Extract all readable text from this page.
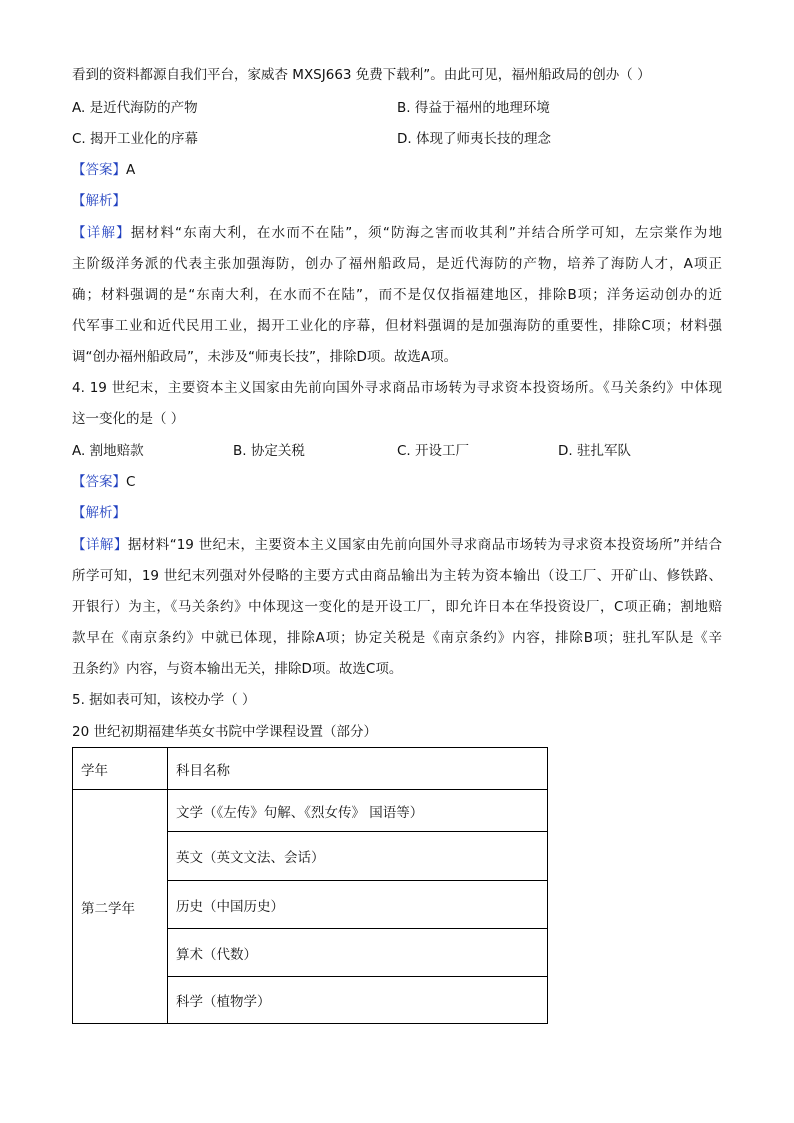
看到的资料都源自我们平台，家威杏 MXSJ663 免费下载利”。由此可见，福州船政局的创办（ ）
A. 是近代海防的产物	B. 得益于福州的地理环境
C. 揭开工业化的序幕	D. 体现了师夷长技的理念
【答案】A
【解析】
【详解】据材料“东南大利，在水而不在陆”，须“防海之害而收其利”并结合所学可知，左宗棠作为地
主阶级洋务派的代表主张加强海防，创办了福州船政局，是近代海防的产物，培养了海防人才，A项正
确；材料强调的是“东南大利，在水而不在陆”，而不是仅仅指福建地区，排除B项；洋务运动创办的近
代军事工业和近代民用工业，揭开工业化的序幕，但材料强调的是加强海防的重要性，排除C项；材料强
调“创办福州船政局”，未涉及“师夷长技”，排除D项。故选A项。
4. 19 世纪末，主要资本主义国家由先前向国外寻求商品市场转为寻求资本投资场所。《马关条约》中体现
这一变化的是（ ）
A. 割地赔款	B. 协定关税	C. 开设工厂	D. 驻扎军队
【答案】C
【解析】
【详解】据材料“19 世纪末，主要资本主义国家由先前向国外寻求商品市场转为寻求资本投资场所”并结合
所学可知，19 世纪末列强对外侵略的主要方式由商品输出为主转为资本输出（设工厂、开矿山、修铁路、
开银行）为主，《马关条约》中体现这一变化的是开设工厂，即允许日本在华投资设厂，C项正确；割地赔
款早在《南京条约》中就已体现，排除A项；协定关税是《南京条约》内容，排除B项；驻扎军队是《辛
丑条约》内容，与资本输出无关，排除D项。故选C项。
5. 据如表可知，该校办学（ ）
20 世纪初期福建华英女书院中学课程设置（部分）
学年	科目名称
第二学年	文学（《左传》句解、《烈女传》 国语等）
	英文（英文文法、会话）
	历史（中国历史）
	算术（代数）
	科学（植物学）
